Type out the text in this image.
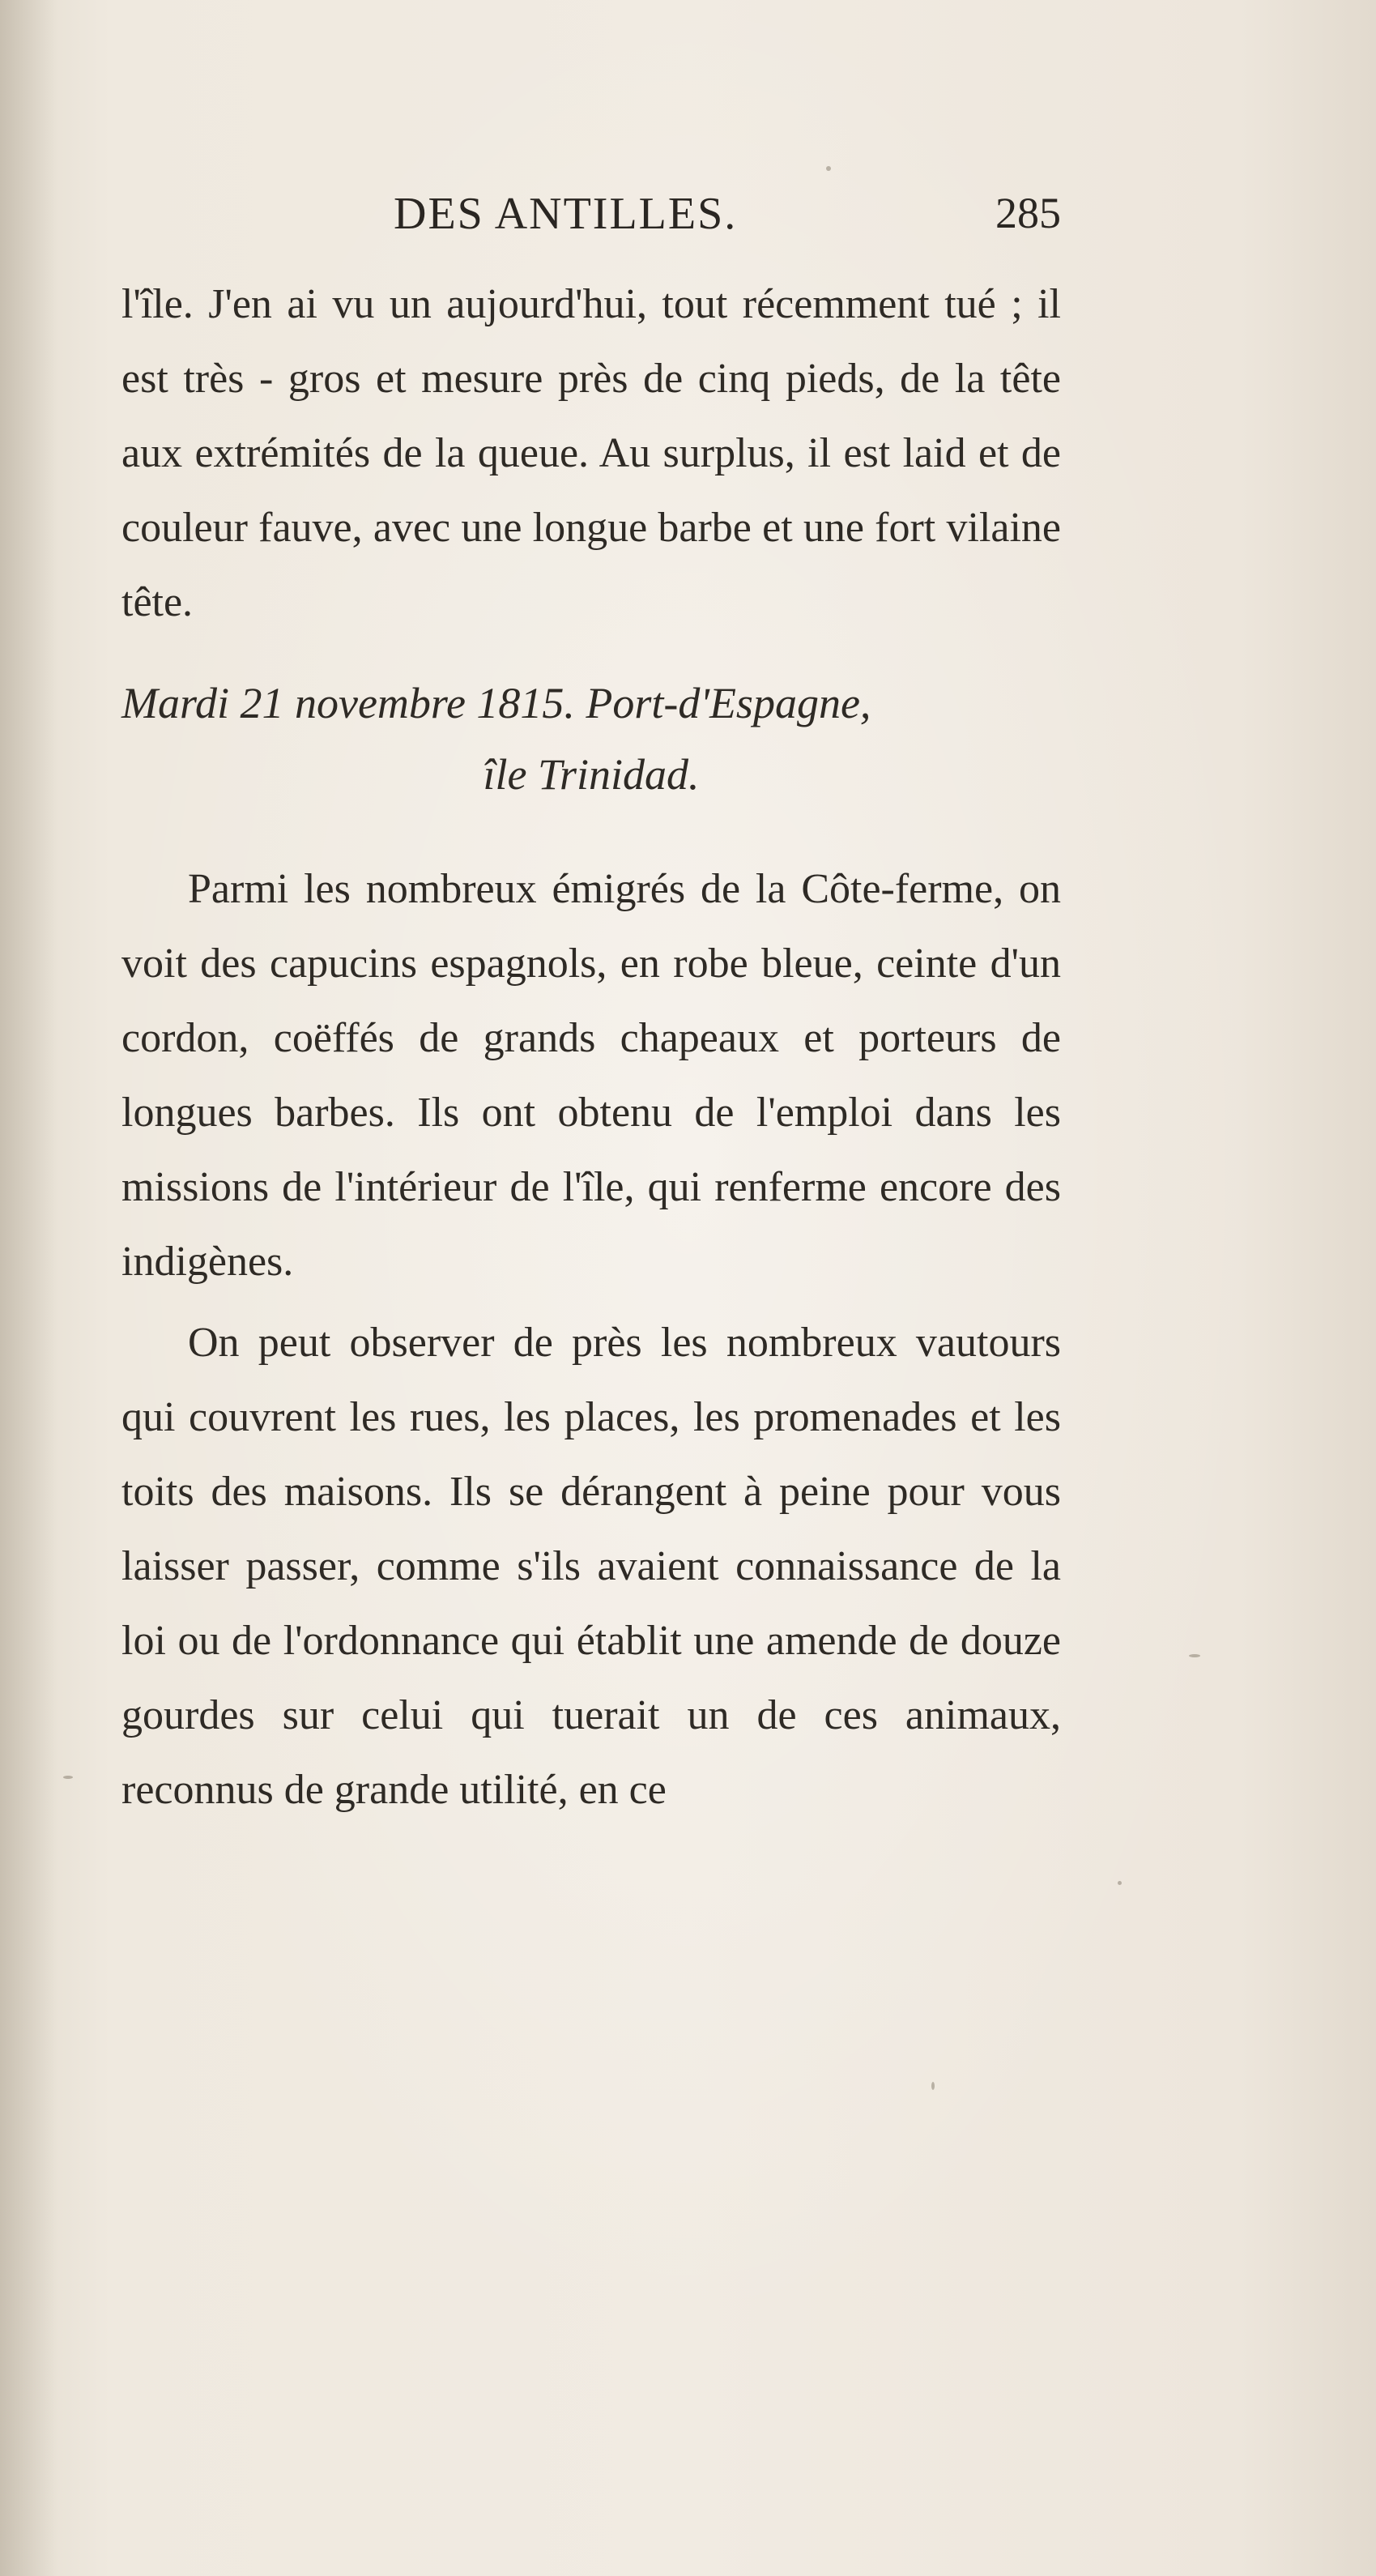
DES ANTILLES.	285

l'île. J'en ai vu un aujourd'hui, tout récemment tué ; il est très - gros et mesure près de cinq pieds, de la tête aux extrémités de la queue. Au surplus, il est laid et de couleur fauve, avec une longue barbe et une fort vilaine tête.

Mardi 21 novembre 1815. Port-d'Espagne,
île Trinidad.

Parmi les nombreux émigrés de la Côte-ferme, on voit des capucins espagnols, en robe bleue, ceinte d'un cordon, coëffés de grands chapeaux et porteurs de longues barbes. Ils ont obtenu de l'emploi dans les missions de l'intérieur de l'île, qui renferme encore des indigènes.

On peut observer de près les nombreux vautours qui couvrent les rues, les places, les promenades et les toits des maisons. Ils se dérangent à peine pour vous laisser passer, comme s'ils avaient connaissance de la loi ou de l'ordonnance qui établit une amende de douze gourdes sur celui qui tuerait un de ces animaux, reconnus de grande utilité, en ce
